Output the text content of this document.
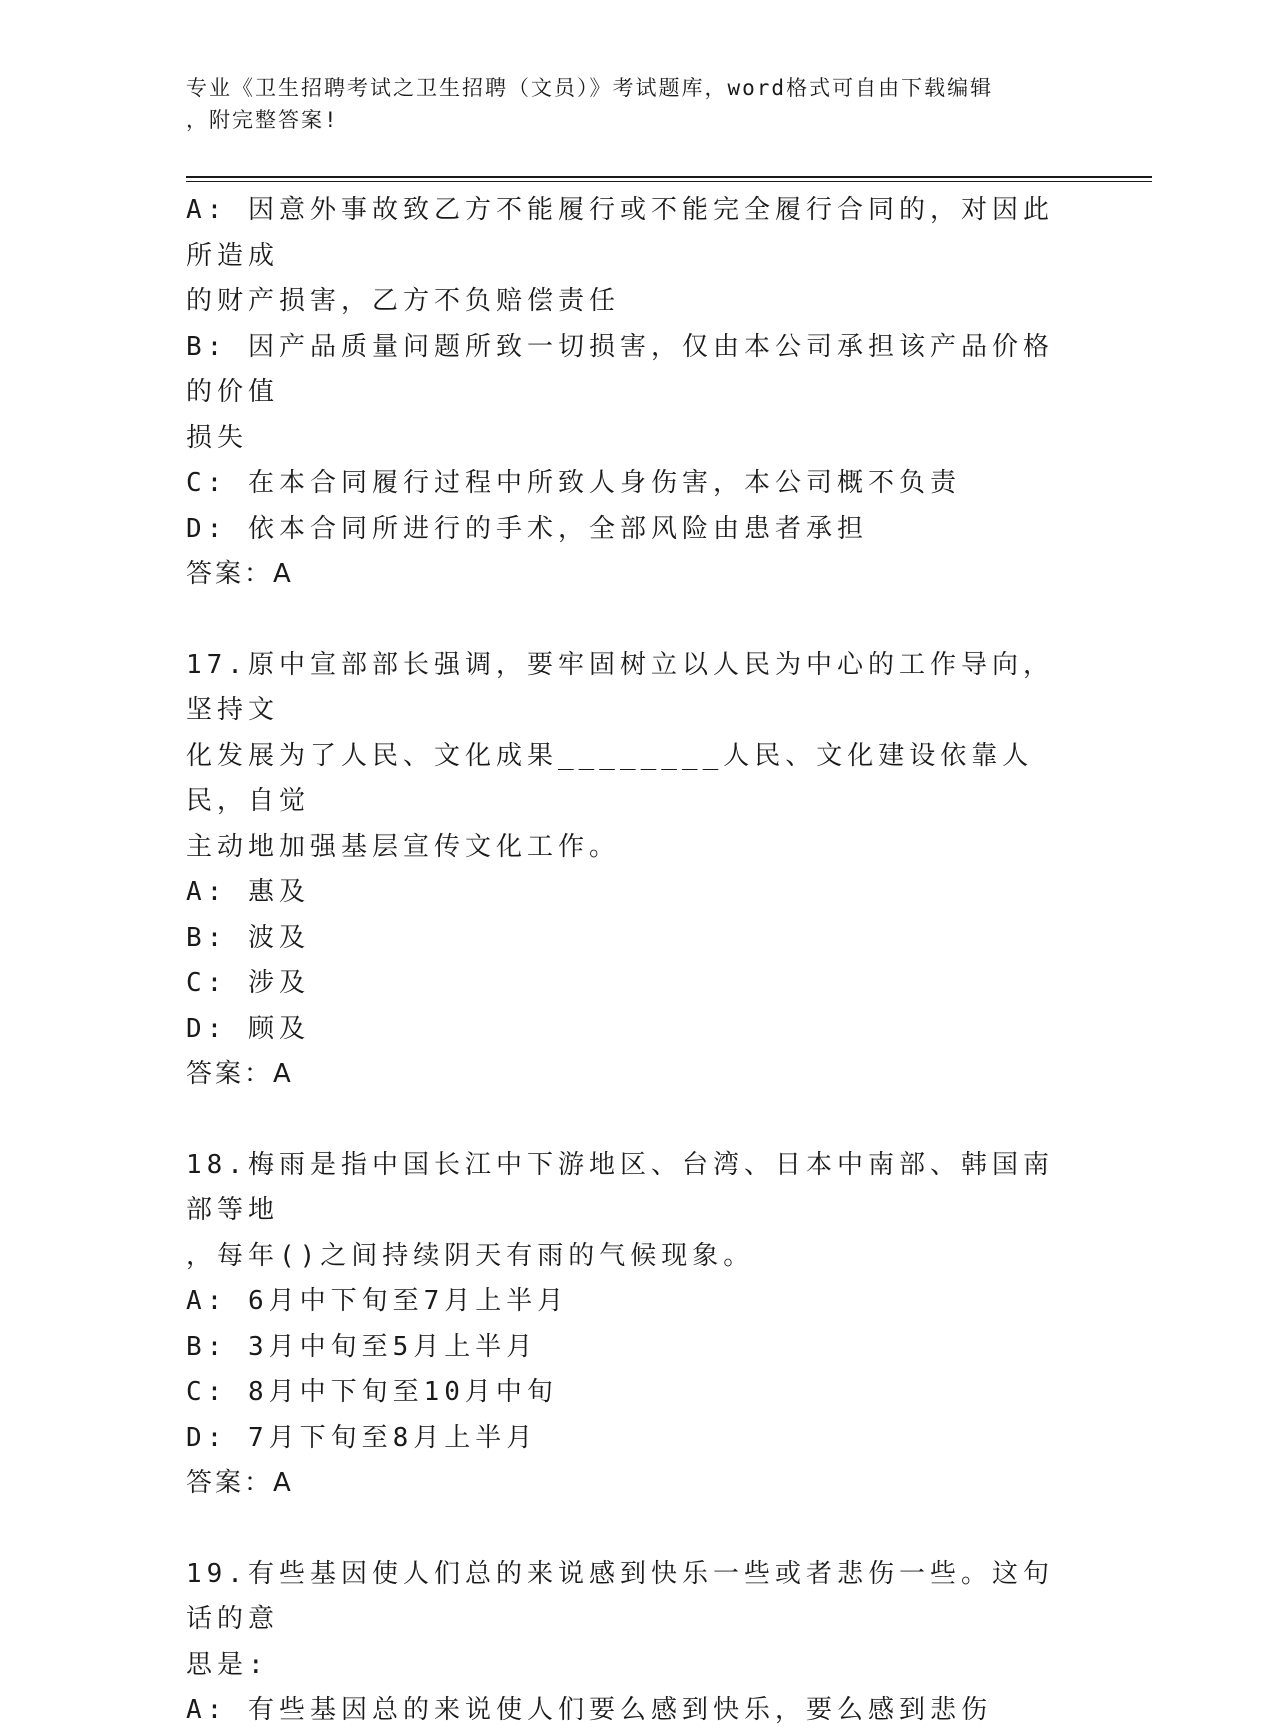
专业《卫生招聘考试之卫生招聘（文员）》考试题库，word格式可自由下载编辑
，附完整答案!
A: 因意外事故致乙方不能履行或不能完全履行合同的，对因此所造成
的财产损害，乙方不负赔偿责任
B: 因产品质量问题所致一切损害，仅由本公司承担该产品价格的价值
损失
C: 在本合同履行过程中所致人身伤害，本公司概不负责
D: 依本合同所进行的手术，全部风险由患者承担
答案：A
17.原中宣部部长强调，要牢固树立以人民为中心的工作导向，坚持文
化发展为了人民、文化成果________人民、文化建设依靠人民，自觉
主动地加强基层宣传文化工作。
A: 惠及
B: 波及
C: 涉及
D: 顾及
答案：A
18.梅雨是指中国长江中下游地区、台湾、日本中南部、韩国南部等地
，每年()之间持续阴天有雨的气候现象。
A: 6月中下旬至7月上半月
B: 3月中旬至5月上半月
C: 8月中下旬至10月中旬
D: 7月下旬至8月上半月
答案：A
19.有些基因使人们总的来说感到快乐一些或者悲伤一些。这句话的意
思是:
A: 有些基因总的来说使人们要么感到快乐，要么感到悲伤
